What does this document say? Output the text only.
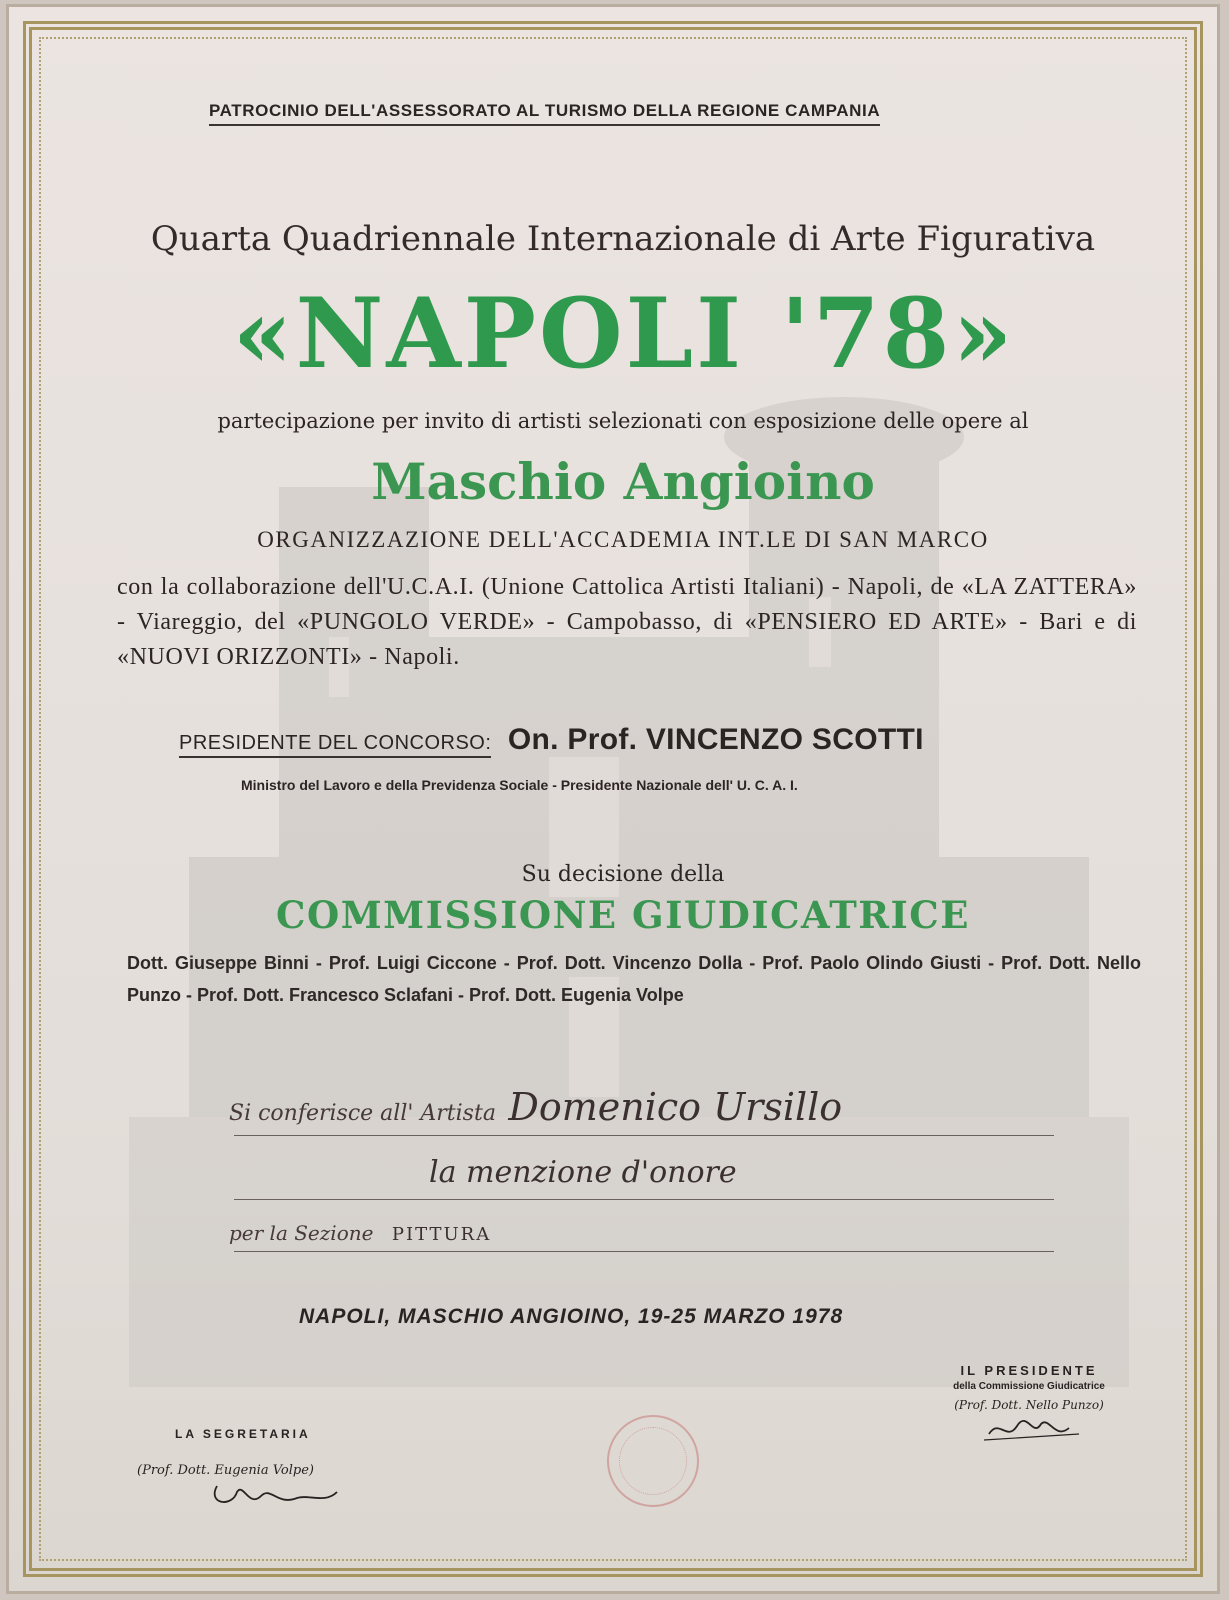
PATROCINIO DELL'ASSESSORATO AL TURISMO DELLA REGIONE CAMPANIA
Quarta Quadriennale Internazionale di Arte Figurativa
«NAPOLI '78»
partecipazione per invito di artisti selezionati con esposizione delle opere al
Maschio Angioino
ORGANIZZAZIONE DELL'ACCADEMIA INT.LE DI SAN MARCO
con la collaborazione dell'U.C.A.I. (Unione Cattolica Artisti Italiani) - Napoli, de «LA ZATTERA» - Viareggio, del «PUNGOLO VERDE» - Campobasso, di «PENSIERO ED ARTE» - Bari e di «NUOVI ORIZZONTI» - Napoli.
PRESIDENTE DEL CONCORSO: On. Prof. VINCENZO SCOTTI
Ministro del Lavoro e della Previdenza Sociale - Presidente Nazionale dell' U. C. A. I.
Su decisione della
COMMISSIONE GIUDICATRICE
Dott. Giuseppe Binni - Prof. Luigi Ciccone - Prof. Dott. Vincenzo Dolla - Prof. Paolo Olindo Giusti - Prof. Dott. Nello Punzo - Prof. Dott. Francesco Sclafani - Prof. Dott. Eugenia Volpe
Si conferisce all' Artista Domenico Ursillo
la menzione d'onore
per la Sezione PITTURA
NAPOLI, MASCHIO ANGIOINO, 19-25 MARZO 1978
IL PRESIDENTE
della Commissione Giudicatrice
(Prof. Dott. Nello Punzo)
LA SEGRETARIA
(Prof. Dott. Eugenia Volpe)
